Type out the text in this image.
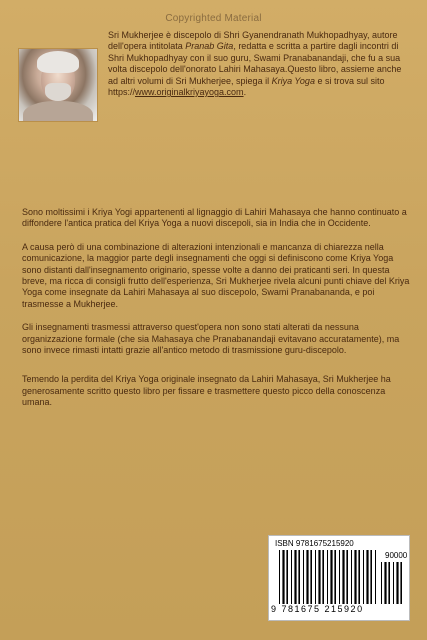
Copyrighted Material
Sri Mukherjee è discepolo di Shri Gyanendranath Mukhopadhyay, autore dell'opera intitolata Pranab Gita, redatta e scritta a partire dagli incontri di Shri Mukhopadhyay con il suo guru, Swami Pranabanandaji, che fu a sua volta discepolo dell'onorato Lahiri Mahasaya.Questo libro, assieme anche ad altri volumi di Sri Mukherjee, spiega il Kriya Yoga e si trova sul sito https://www.originalkriyayoga.com.

Sono moltissimi i Kriya Yogi appartenenti al lignaggio di Lahiri Mahasaya che hanno continuato a diffondere l'antica pratica del Kriya Yoga a nuovi discepoli, sia in India che in Occidente.

A causa però di una combinazione di alterazioni intenzionali e mancanza di chiarezza nella comunicazione, la maggior parte degli insegnamenti che oggi si definiscono come Kriya Yoga sono distanti dall'insegnamento originario, spesse volte a danno dei praticanti seri. In questa breve, ma ricca di consigli frutto dell'esperienza, Sri Mukherjee rivela alcuni punti chiave del Kriya Yoga come insegnate da Lahiri Mahasaya al suo discepolo, Swami Pranabananda, e poi trasmesse a Mukherjee.

Gli insegnamenti trasmessi attraverso quest'opera non sono stati alterati da nessuna organizzazione formale (che sia Mahasaya che Pranabanandaji evitavano accuratamente), ma sono invece rimasti intatti grazie all'antico metodo di trasmissione guru-discepolo.

Temendo la perdita del Kriya Yoga originale insegnato da Lahiri Mahasaya, Sri Mukherjee ha generosamente scritto questo libro per fissare e trasmettere questo picco della conoscenza umana.

ISBN 9781675215920
90000
9 781675 215920
